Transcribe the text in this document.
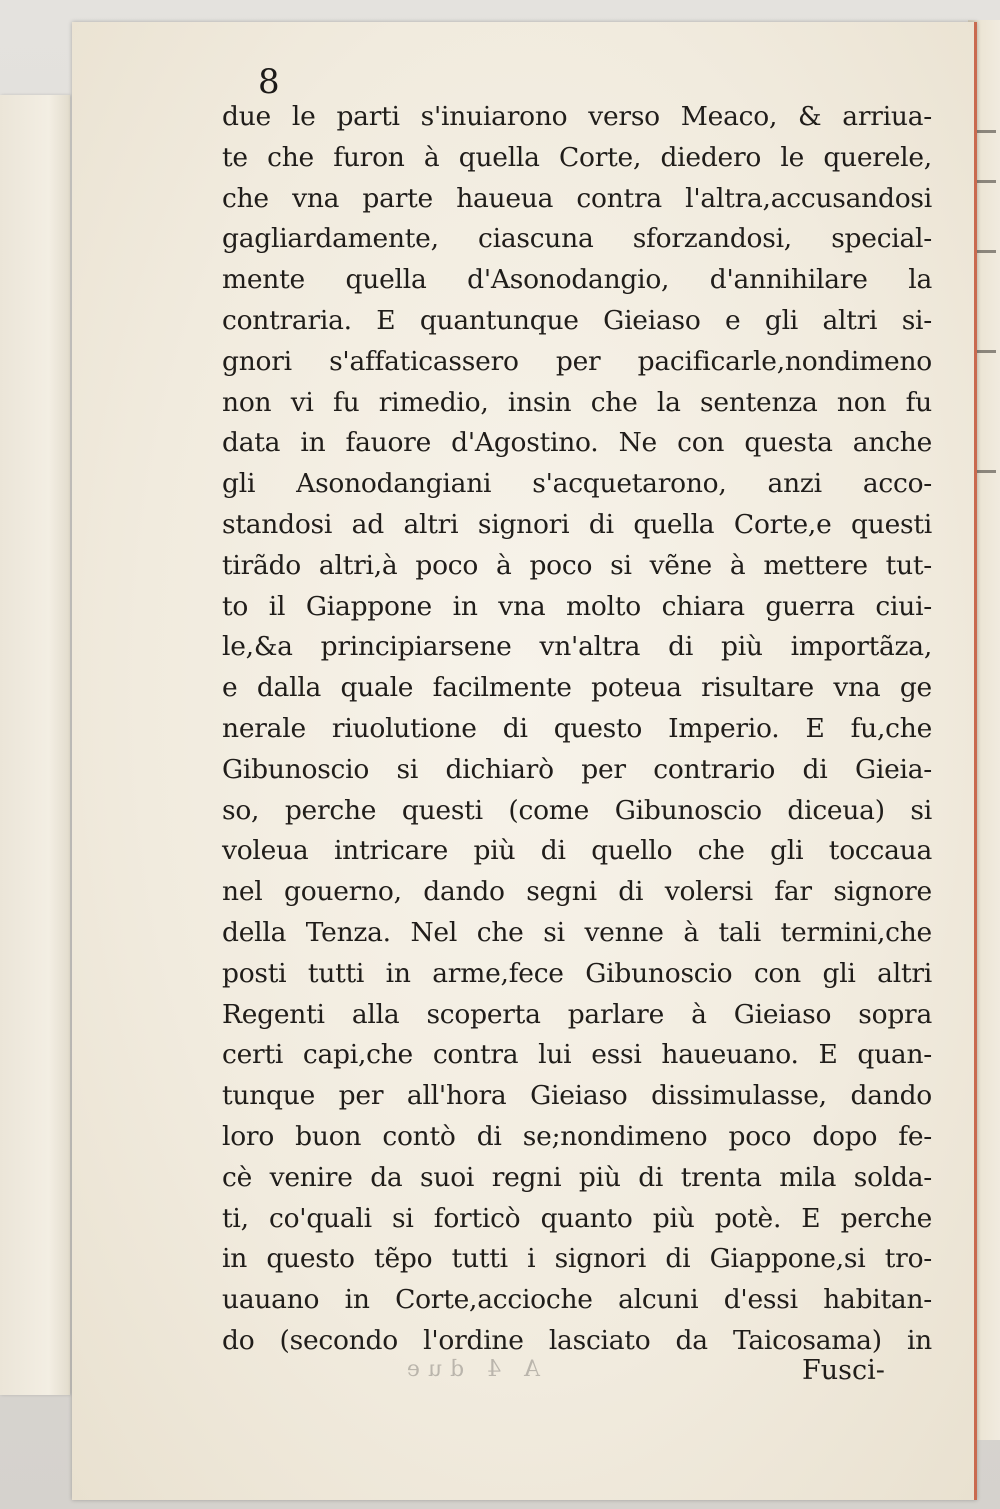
8
due le parti s'inuiarono verso Meaco, & arriua-
te che furon à quella Corte, diedero le querele,
che vna parte haueua contra l'altra,accusandosi
gagliardamente, ciascuna sforzandosi, special-
mente quella d'Asonodangio, d'annihilare la
contraria. E quantunque Gieiaso e gli altri si-
gnori s'affaticassero per pacificarle,nondimeno
non vi fu rimedio, insin che la sentenza non fu
data in fauore d'Agostino. Ne con questa anche
gli Asonodangiani s'acquetarono, anzi acco-
standosi ad altri signori di quella Corte,e questi
tirãdo altri,à poco à poco si vẽne à mettere tut-
to il Giappone in vna molto chiara guerra ciui-
le,&a principiarsene vn'altra di più importãza,
e dalla quale facilmente poteua risultare vna ge
nerale riuolutione di questo Imperio. E fu,che
Gibunoscio si dichiarò per contrario di Gieia-
so, perche questi (come Gibunoscio diceua) si
voleua intricare più di quello che gli toccaua
nel gouerno, dando segni di volersi far signore
della Tenza. Nel che si venne à tali termini,che
posti tutti in arme,fece Gibunoscio con gli altri
Regenti alla scoperta parlare à Gieiaso sopra
certi capi,che contra lui essi haueuano. E quan-
tunque per all'hora Gieiaso dissimulasse, dando
loro buon contò di se;nondimeno poco dopo fe-
cè venire da suoi regni più di trenta mila solda-
ti, co'quali si forticò quanto più potè. E perche
in questo tẽpo tutti i signori di Giappone,si tro-
uauano in Corte,accioche alcuni d'essi habitan-
do (secondo l'ordine lasciato da Taicosama) in
A 4 due	Fusci-
